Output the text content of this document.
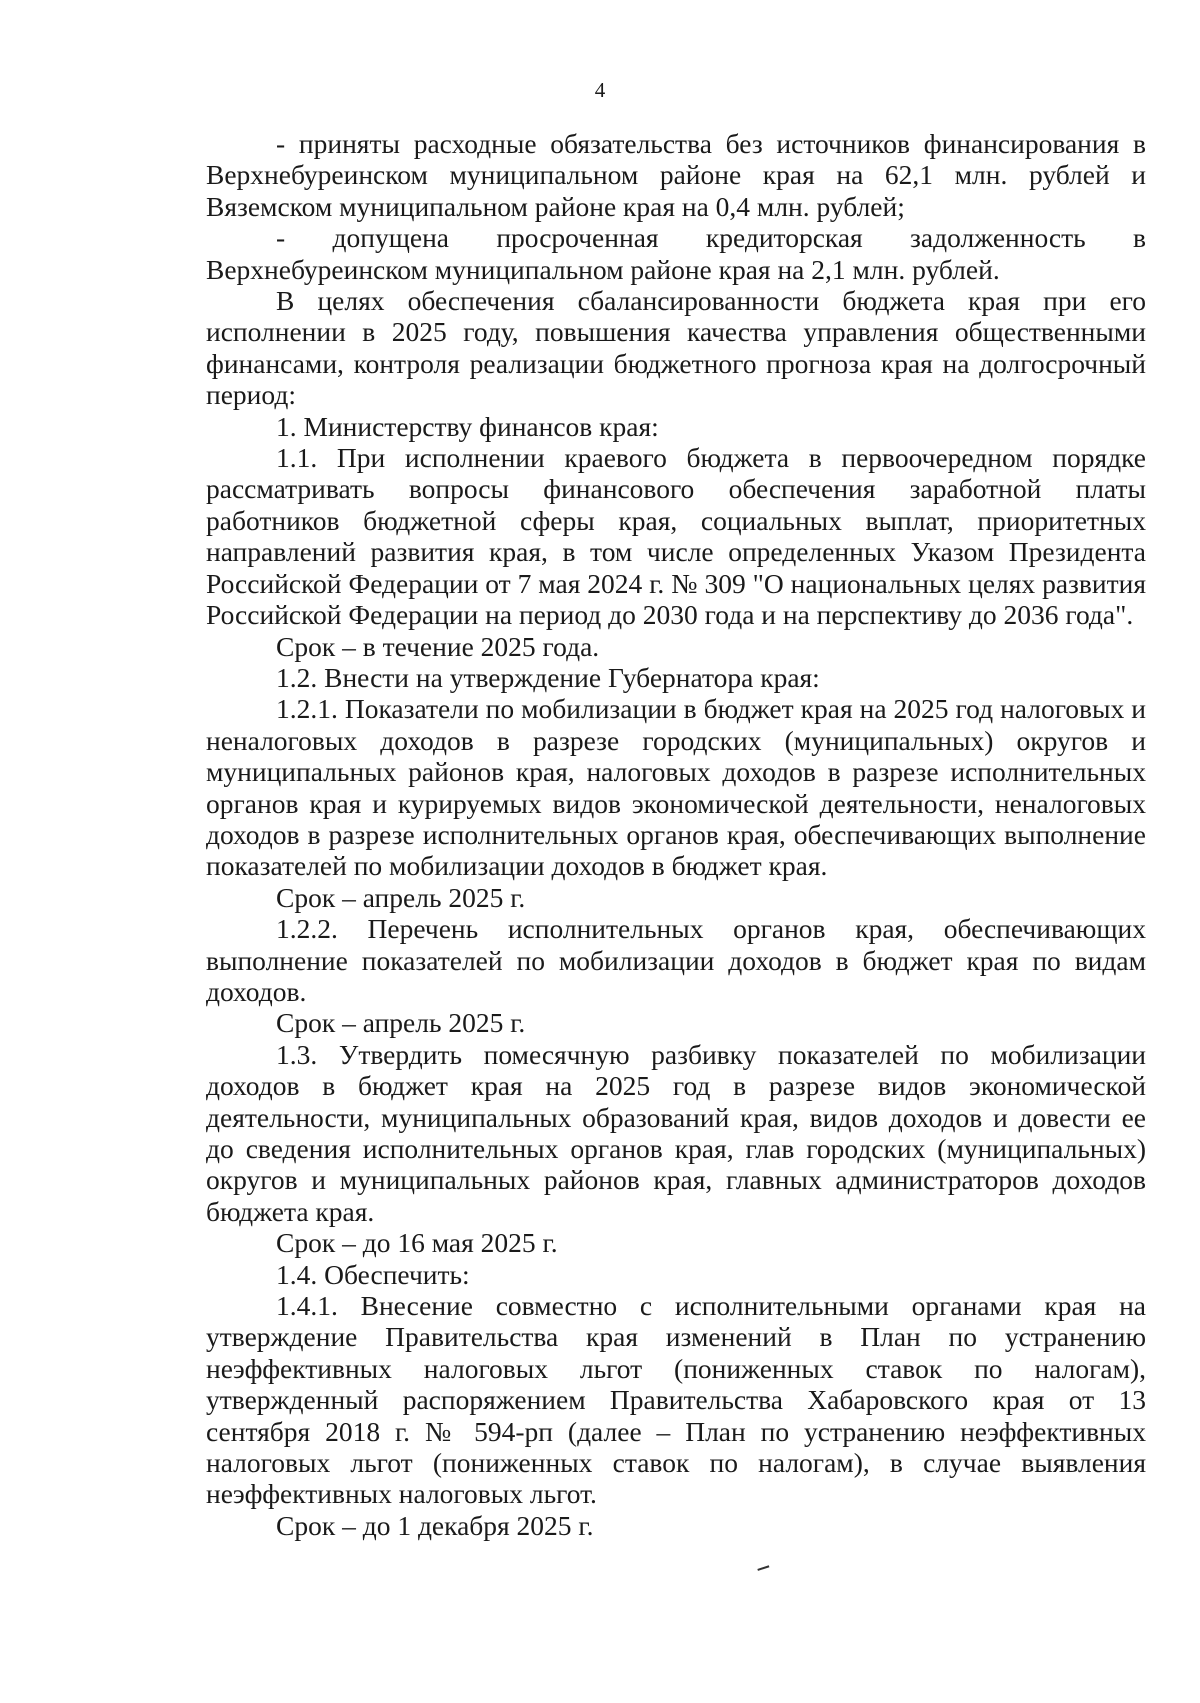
4

- приняты расходные обязательства без источников финансирования в Верхнебуреинском муниципальном районе края на 62,1 млн. рублей и Вяземском муниципальном районе края на 0,4 млн. рублей;

- допущена просроченная кредиторская задолженность в Верхнебуреинском муниципальном районе края на 2,1 млн. рублей.

В целях обеспечения сбалансированности бюджета края при его исполнении в 2025 году, повышения качества управления общественными финансами, контроля реализации бюджетного прогноза края на долгосрочный период:

1. Министерству финансов края:

1.1. При исполнении краевого бюджета в первоочередном порядке рассматривать вопросы финансового обеспечения заработной платы работников бюджетной сферы края, социальных выплат, приоритетных направлений развития края, в том числе определенных Указом Президента Российской Федерации от 7 мая 2024 г. № 309 "О национальных целях развития Российской Федерации на период до 2030 года и на перспективу до 2036 года".

Срок – в течение 2025 года.

1.2. Внести на утверждение Губернатора края:

1.2.1. Показатели по мобилизации в бюджет края на 2025 год налоговых и неналоговых доходов в разрезе городских (муниципальных) округов и муниципальных районов края, налоговых доходов в разрезе исполнительных органов края и курируемых видов экономической деятельности, неналоговых доходов в разрезе исполнительных органов края, обеспечивающих выполнение показателей по мобилизации доходов в бюджет края.

Срок – апрель 2025 г.

1.2.2. Перечень исполнительных органов края, обеспечивающих выполнение показателей по мобилизации доходов в бюджет края по видам доходов.

Срок – апрель 2025 г.

1.3. Утвердить помесячную разбивку показателей по мобилизации доходов в бюджет края на 2025 год в разрезе видов экономической деятельности, муниципальных образований края, видов доходов и довести ее до сведения исполнительных органов края, глав городских (муниципальных) округов и муниципальных районов края, главных администраторов доходов бюджета края.

Срок – до 16 мая 2025 г.

1.4. Обеспечить:

1.4.1. Внесение совместно с исполнительными органами края на утверждение Правительства края изменений в План по устранению неэффективных налоговых льгот (пониженных ставок по налогам), утвержденный распоряжением Правительства Хабаровского края от 13 сентября 2018 г. № 594-рп (далее – План по устранению неэффективных налоговых льгот (пониженных ставок по налогам), в случае выявления неэффективных налоговых льгот.

Срок – до 1 декабря 2025 г.
